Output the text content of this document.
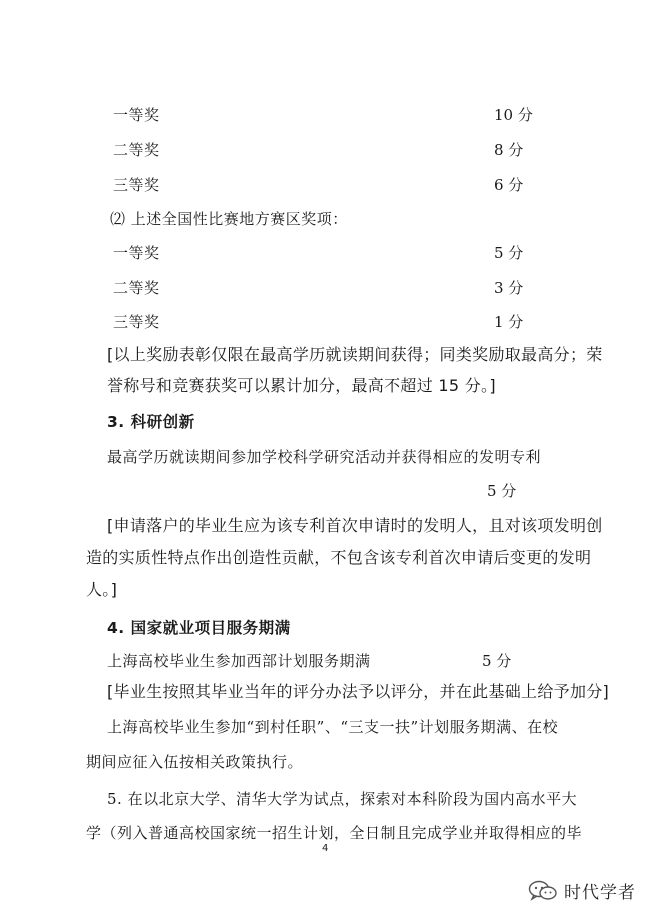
一等奖	10 分
二等奖	8 分
三等奖	6 分
⑵ 上述全国性比赛地方赛区奖项：
一等奖	5 分
二等奖	3 分
三等奖	1 分
[以上奖励表彰仅限在最高学历就读期间获得；同类奖励取最高分；荣
誉称号和竞赛获奖可以累计加分，最高不超过 15 分。]
3. 科研创新
最高学历就读期间参加学校科学研究活动并获得相应的发明专利
5 分
[申请落户的毕业生应为该专利首次申请时的发明人，且对该项发明创
造的实质性特点作出创造性贡献，不包含该专利首次申请后变更的发明
人。]
4. 国家就业项目服务期满
上海高校毕业生参加西部计划服务期满	5 分
[毕业生按照其毕业当年的评分办法予以评分，并在此基础上给予加分]
上海高校毕业生参加“到村任职”、“三支一扶”计划服务期满、在校
期间应征入伍按相关政策执行。
5. 在以北京大学、清华大学为试点，探索对本科阶段为国内高水平大
学（列入普通高校国家统一招生计划，全日制且完成学业并取得相应的毕
4
时代学者
